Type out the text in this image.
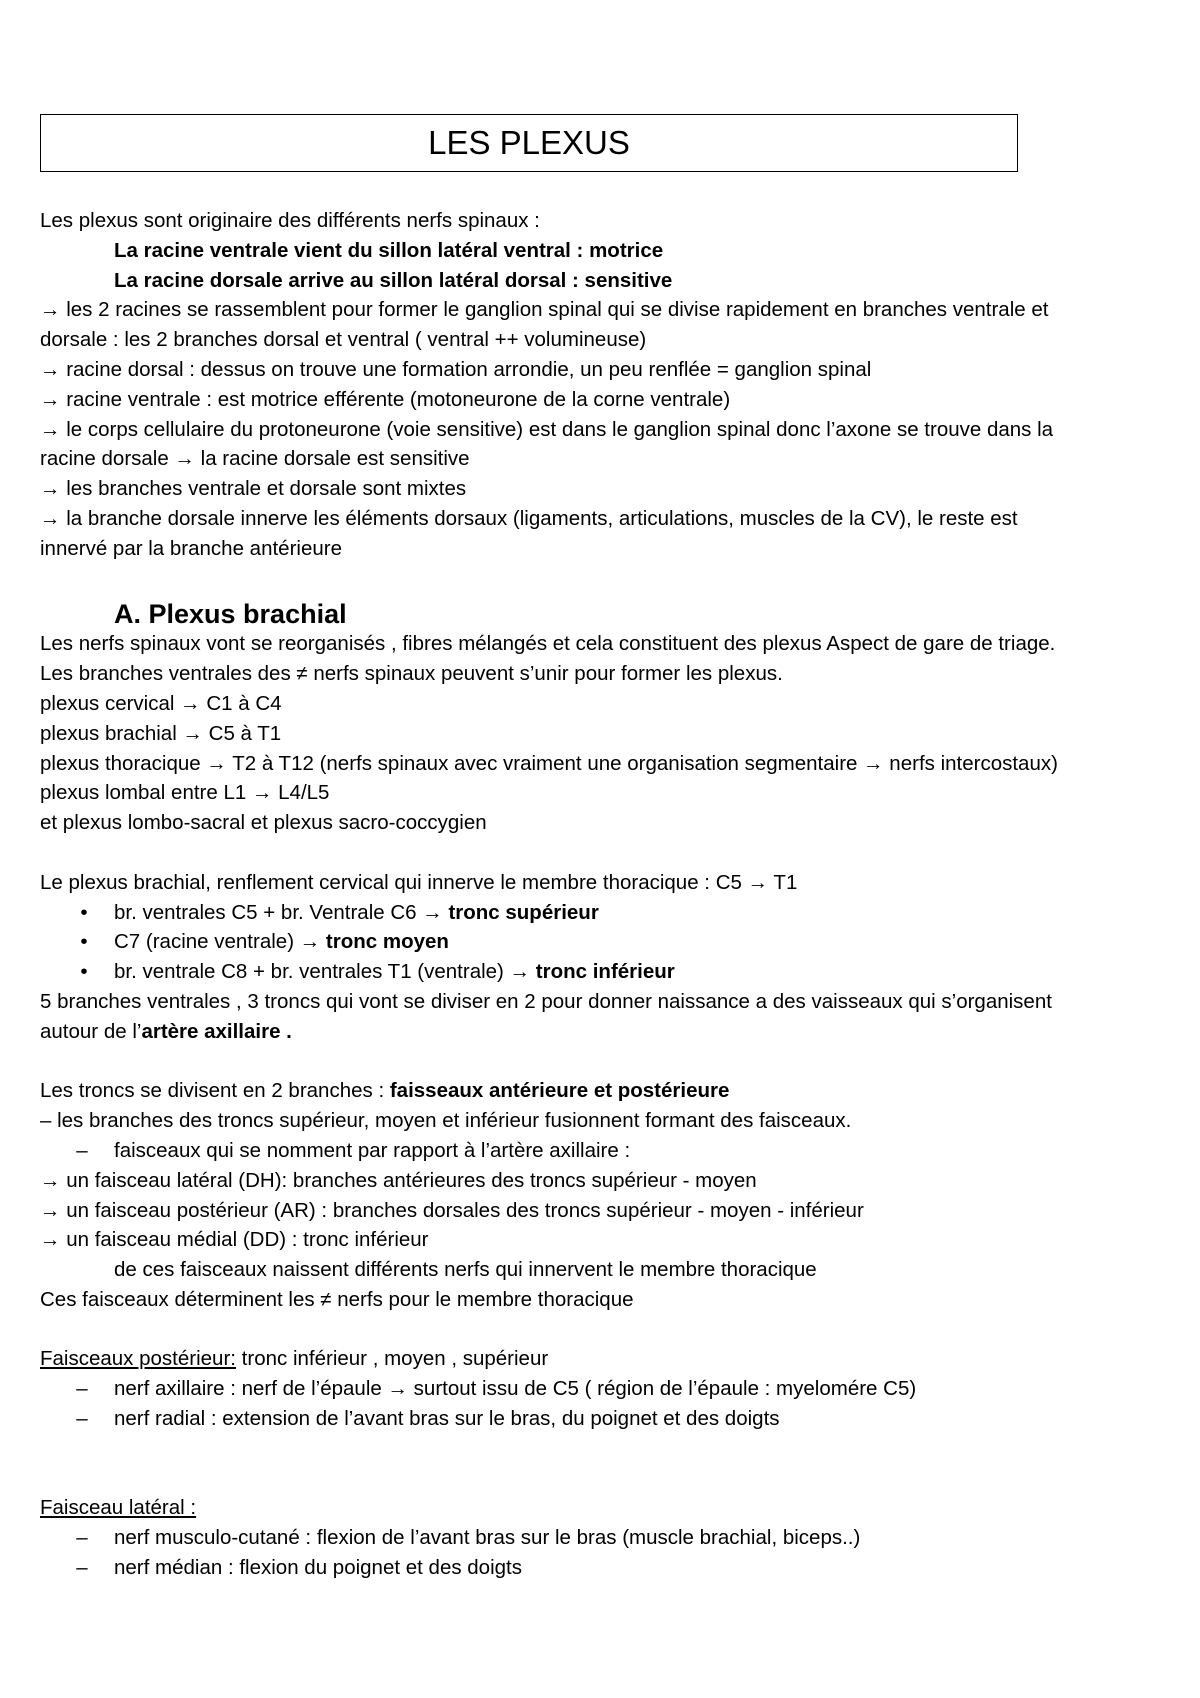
LES PLEXUS
Les plexus sont originaire des différents nerfs spinaux :
La racine ventrale vient du sillon latéral ventral : motrice
La racine dorsale arrive au sillon latéral dorsal : sensitive
→ les 2 racines se rassemblent pour former le ganglion spinal qui se divise rapidement en branches ventrale et
dorsale : les 2 branches dorsal et ventral ( ventral ++ volumineuse)
→ racine dorsal : dessus on trouve une formation arrondie, un peu renflée = ganglion spinal
→ racine ventrale : est motrice efférente (motoneurone de la corne ventrale)
→ le corps cellulaire du protoneurone (voie sensitive) est dans le ganglion spinal donc l’axone se trouve dans la
racine dorsale → la racine dorsale est sensitive
→ les branches ventrale et dorsale sont mixtes
→ la branche dorsale innerve les éléments dorsaux (ligaments, articulations, muscles de la CV), le reste est
innervé par la branche antérieure
A. Plexus brachial
Les nerfs spinaux vont se reorganisés , fibres mélangés et cela constituent des plexus Aspect de gare de triage.
Les branches ventrales des ≠ nerfs spinaux peuvent s’unir pour former les plexus.
plexus cervical → C1 à C4
plexus brachial → C5 à T1
plexus thoracique → T2 à T12 (nerfs spinaux avec vraiment une organisation segmentaire → nerfs intercostaux)
plexus lombal entre L1 → L4/L5
et plexus lombo-sacral et plexus sacro-coccygien
Le plexus brachial, renflement cervical qui innerve le membre thoracique : C5 → T1
• br. ventrales C5 + br. Ventrale C6 → tronc supérieur
• C7 (racine ventrale) → tronc moyen
• br. ventrale C8 + br. ventrales T1 (ventrale) → tronc inférieur
5 branches ventrales , 3 troncs qui vont se diviser en 2 pour donner naissance a des vaisseaux qui s’organisent
autour de l’artère axillaire .
Les troncs se divisent en 2 branches : faisseaux antérieure et postérieure
– les branches des troncs supérieur, moyen et inférieur fusionnent formant des faisceaux.
– faisceaux qui se nomment par rapport à l’artère axillaire :
→ un faisceau latéral (DH): branches antérieures des troncs supérieur - moyen
→ un faisceau postérieur (AR) : branches dorsales des troncs supérieur - moyen - inférieur
→ un faisceau médial (DD) : tronc inférieur
de ces faisceaux naissent différents nerfs qui innervent le membre thoracique
Ces faisceaux déterminent les ≠ nerfs pour le membre thoracique
Faisceaux postérieur: tronc inférieur , moyen , supérieur
– nerf axillaire : nerf de l’épaule → surtout issu de C5 ( région de l’épaule : myelomére C5)
– nerf radial : extension de l’avant bras sur le bras, du poignet et des doigts
Faisceau latéral :
– nerf musculo-cutané : flexion de l’avant bras sur le bras (muscle brachial, biceps..)
– nerf médian : flexion du poignet et des doigts
